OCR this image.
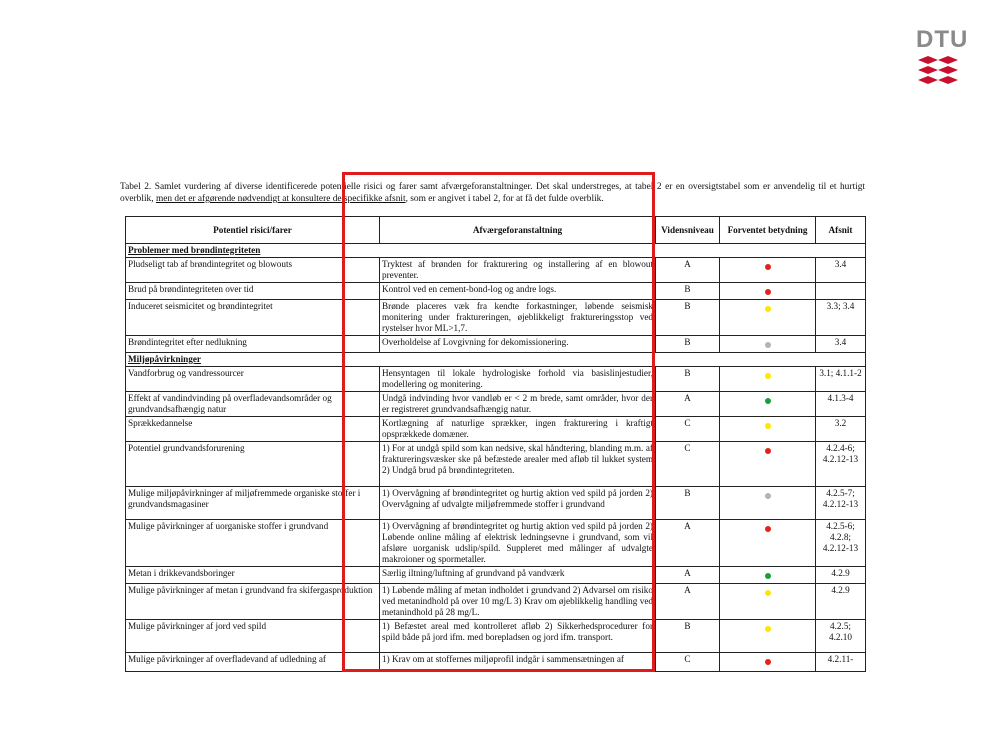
DTU
Tabel 2. Samlet vurdering af diverse identificerede potentielle risici og farer samt afværgeforanstaltninger. Det skal understreges, at tabel 2 er en oversigtstabel som er anvendelig til et hurtigt overblik, men det er afgørende nødvendigt at konsultere de specifikke afsnit, som er angivet i tabel 2, for at få det fulde overblik.
Potentiel risici/farer	Afværgeforanstaltning	Vidensniveau	Forventet betydning	Afsnit
Problemer med brøndintegriteten				
Pludseligt tab af brøndintegritet og blowouts	Tryktest af brønden for frakturering og installering af en blowout preventer.	A		3.4
Brud på brøndintegriteten over tid	Kontrol ved en cement-bond-log og andre logs.	B		
Induceret seismicitet og brøndintegritet	Brønde placeres væk fra kendte forkastninger, løbende seismisk monitering under fraktureringen, øjeblikkeligt fraktureringsstop ved rystelser hvor ML>1,7.	B		3.3; 3.4
Brøndintegritet efter nedlukning	Overholdelse af Lovgivning for dekomissionering.	B		3.4
Miljøpåvirkninger				
Vandforbrug og vandressourcer	Hensyntagen til lokale hydrologiske forhold via basislinjestudier, modellering og monitering.	B		3.1; 4.1.1-2
Effekt af vandindvinding på overfladevandsområder og grundvandsafhængig natur	Undgå indvinding hvor vandløb er < 2 m brede, samt områder, hvor der er registreret grundvandsafhængig natur.	A		4.1.3-4
Sprækkedannelse	Kortlægning af naturlige sprækker, ingen frakturering i kraftigt opsprækkede domæner.	C		3.2
Potentiel grundvandsforurening	1) For at undgå spild som kan nedsive, skal håndtering, blanding m.m. af fraktureringsvæsker ske på befæstede arealer med afløb til lukket system 2) Undgå brud på brøndintegriteten.	C		4.2.4-6; 4.2.12-13
Mulige miljøpåvirkninger af miljøfremmede organiske stoffer i grundvandsmagasiner	1) Overvågning af brøndintegritet og hurtig aktion ved spild på jorden 2) Overvågning af udvalgte miljøfremmede stoffer i grundvand	B		4.2.5-7; 4.2.12-13
Mulige påvirkninger af uorganiske stoffer i grundvand	1) Overvågning af brøndintegritet og hurtig aktion ved spild på jorden 2) Løbende online måling af elektrisk ledningsevne i grundvand, som vil afsløre uorganisk udslip/spild. Suppleret med målinger af udvalgte makroioner og spormetaller.	A		4.2.5-6; 4.2.8; 4.2.12-13
Metan i drikkevandsboringer	Særlig iltning/luftning af grundvand på vandværk	A		4.2.9
Mulige påvirkninger af metan i grundvand fra skifergasproduktion	1) Løbende måling af metan indholdet i grundvand 2) Advarsel om risiko ved metanindhold på over 10 mg/L 3) Krav om øjeblikkelig handling ved metanindhold på 28 mg/L.	A		4.2.9
Mulige påvirkninger af jord ved spild	1) Befæstet areal med kontrolleret afløb 2) Sikkerhedsprocedurer for spild både på jord ifm. med borepladsen og jord ifm. transport.	B		4.2.5; 4.2.10
Mulige påvirkninger af overfladevand af udledning af	1) Krav om at stoffernes miljøprofil indgår i sammensætningen af	C		4.2.11-
